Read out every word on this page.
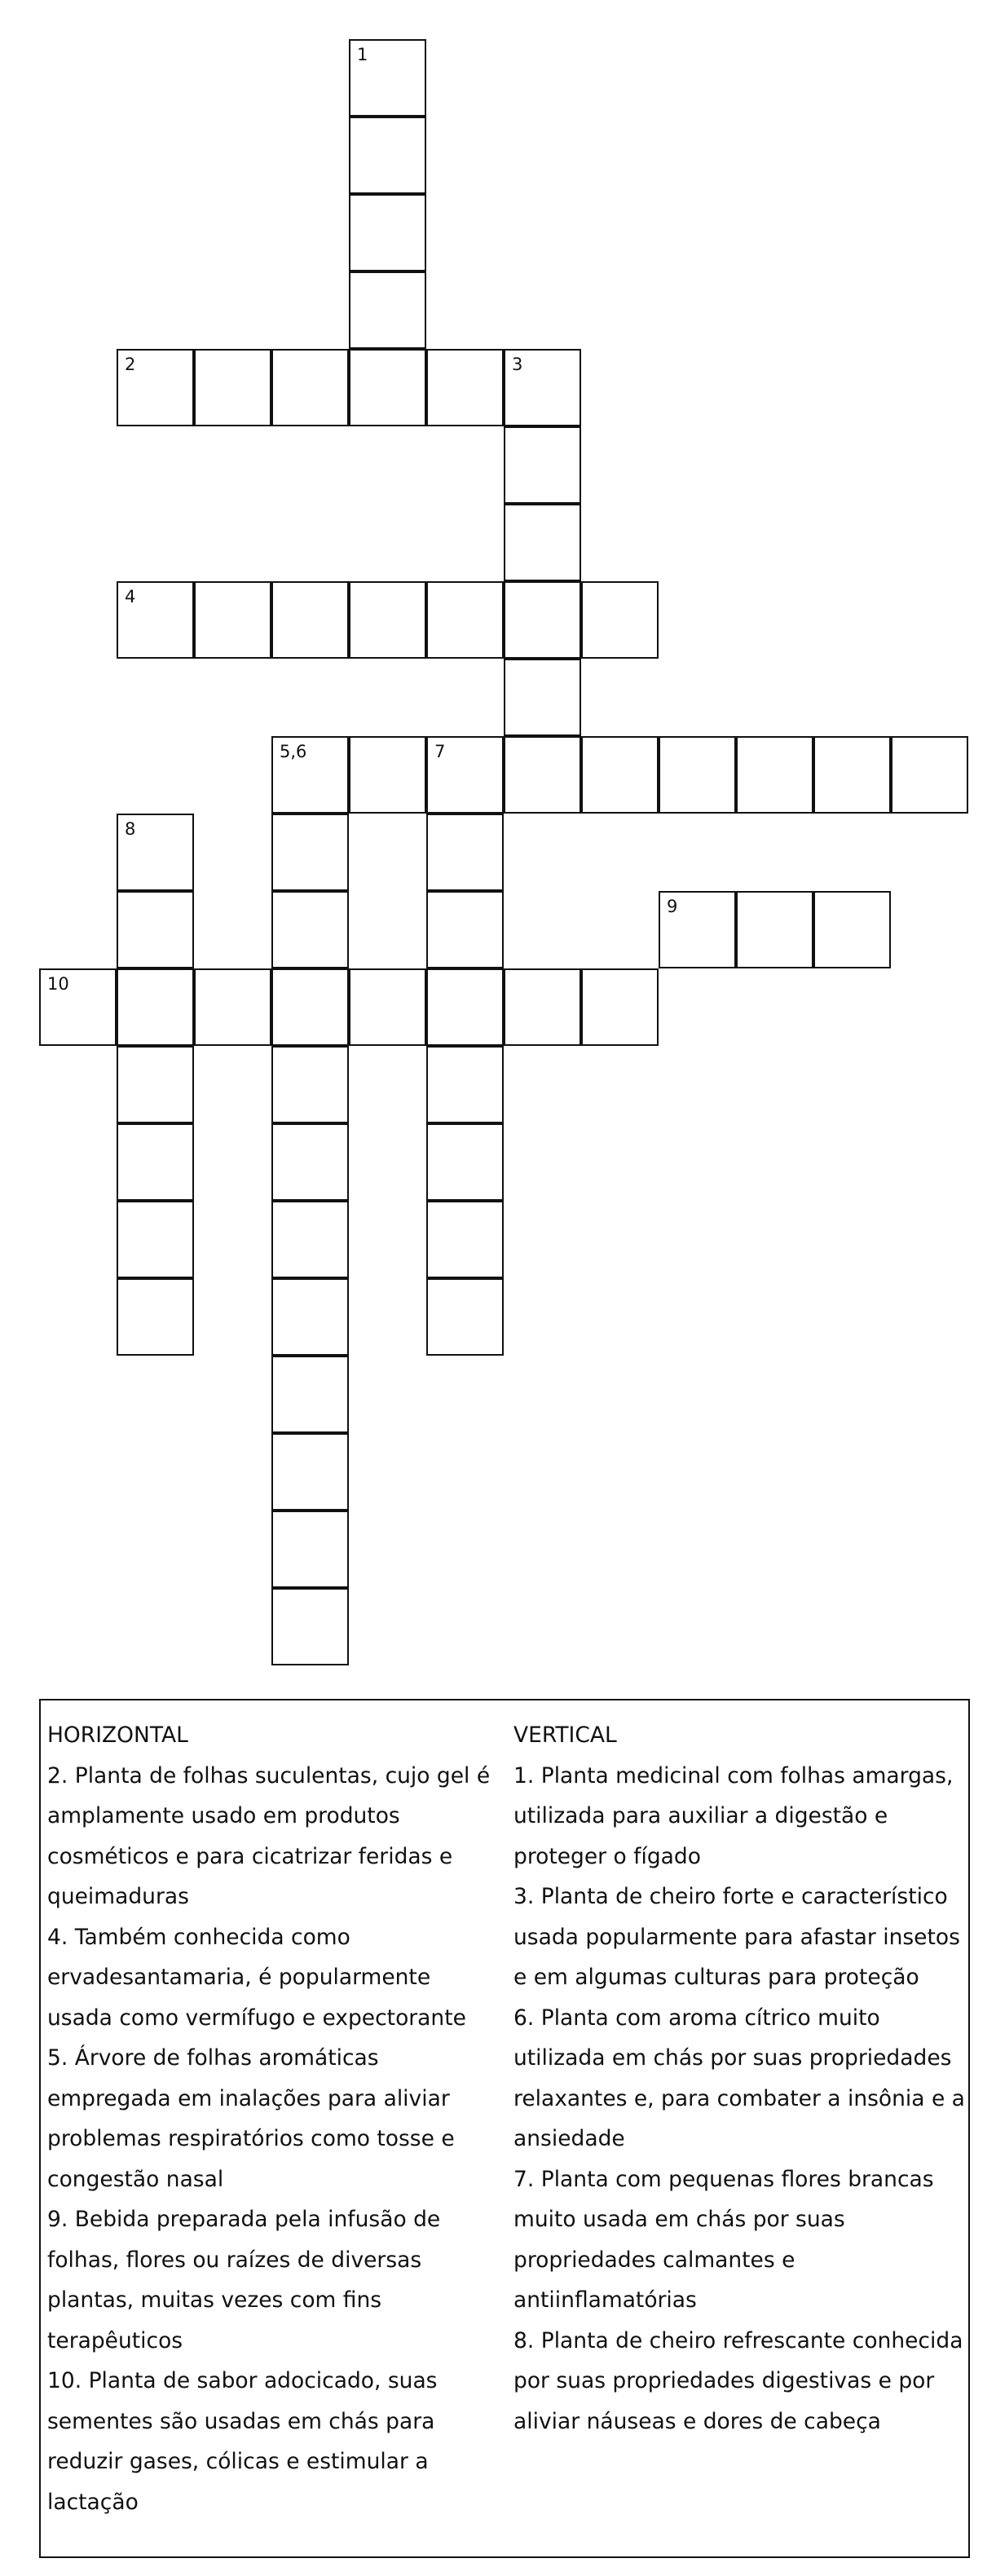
1
2	3
4
5,6	7
8
9
10

HORIZONTAL

2. Planta de folhas suculentas, cujo gel é amplamente usado em produtos cosméticos e para cicatrizar feridas e queimaduras

4. Também conhecida como ervadesantamaria, é popularmente usada como vermífugo e expectorante

5. Árvore de folhas aromáticas empregada em inalações para aliviar problemas respiratórios como tosse e congestão nasal

9. Bebida preparada pela infusão de folhas, flores ou raízes de diversas plantas, muitas vezes com fins terapêuticos

10. Planta de sabor adocicado, suas sementes são usadas em chás para reduzir gases, cólicas e estimular a lactação

VERTICAL

1. Planta medicinal com folhas amargas, utilizada para auxiliar a digestão e proteger o fígado

3. Planta de cheiro forte e característico usada popularmente para afastar insetos e em algumas culturas para proteção

6. Planta com aroma cítrico muito utilizada em chás por suas propriedades relaxantes e, para combater a insônia e a ansiedade

7. Planta com pequenas flores brancas muito usada em chás por suas propriedades calmantes e antiinflamatórias

8. Planta de cheiro refrescante conhecida por suas propriedades digestivas e por aliviar náuseas e dores de cabeça
